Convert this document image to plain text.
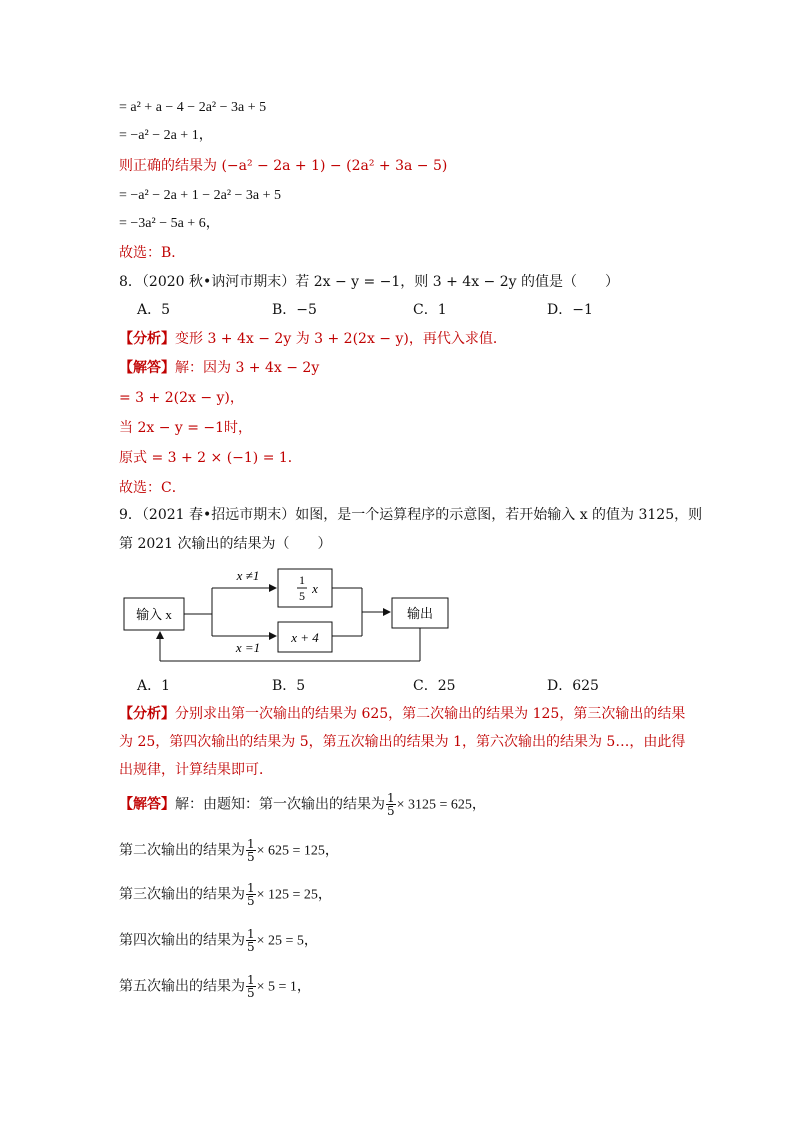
= a² + a − 4 − 2a² − 3a + 5
= −a² − 2a + 1，
则正确的结果为 (−a² − 2a + 1) − (2a² + 3a − 5)
= −a² − 2a + 1 − 2a² − 3a + 5
= −3a² − 5a + 6，
故选：B．
8．（2020 秋•讷河市期末）若 2x − y = −1，则 3 + 4x − 2y 的值是（　　）
A．5	B．−5	C．1	D．−1
【分析】变形 3 + 4x − 2y 为 3 + 2(2x − y)，再代入求值．
【解答】解：因为 3 + 4x − 2y
= 3 + 2(2x − y)，
当 2x − y = −1时，
原式 = 3 + 2 × (−1) = 1．
故选：C．
9．（2021 春•招远市期末）如图，是一个运算程序的示意图，若开始输入 x 的值为 3125，则
第 2021 次输出的结果为（　　）
输入 x
x ≠1
x =1
1
5 x
x + 4
输出
A．1	B．5	C．25	D．625
【分析】分别求出第一次输出的结果为 625，第二次输出的结果为 125，第三次输出的结果
为 25，第四次输出的结果为 5，第五次输出的结果为 1，第六次输出的结果为 5…，由此得
出规律，计算结果即可．
【解答】解：由题知：第一次输出的结果为 $\frac{1}{5} \times 3125 = 625$，
第二次输出的结果为 $\frac{1}{5} \times 625 = 125$，
第三次输出的结果为 $\frac{1}{5} \times 125 = 25$，
第四次输出的结果为 $\frac{1}{5} \times 25 = 5$，
第五次输出的结果为 $\frac{1}{5} \times 5 = 1$，
